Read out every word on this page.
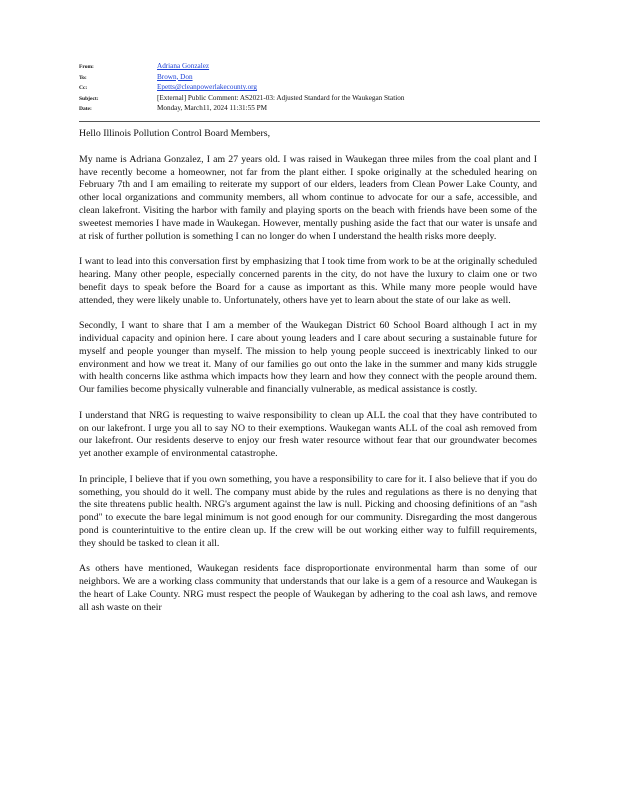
From:	Adriana Gonzalez
To:	Brown, Don
Cc:	Epetts@cleanpowerlakecounty.org
Subject:	[External] Public Comment: AS2021-03: Adjusted Standard for the Waukegan Station
Date:	Monday, March11, 2024 11:31:55 PM

Hello Illinois Pollution Control Board Members,

My name is Adriana Gonzalez, I am 27 years old. I was raised in Waukegan three miles from the coal plant and I have recently become a homeowner, not far from the plant either. I spoke originally at the scheduled hearing on February 7th and I am emailing to reiterate my support of our elders, leaders from Clean Power Lake County, and other local organizations and community members, all whom continue to advocate for our a safe, accessible, and clean lakefront. Visiting the harbor with family and playing sports on the beach with friends have been some of the sweetest memories I have made in Waukegan. However, mentally pushing aside the fact that our water is unsafe and at risk of further pollution is something I can no longer do when I understand the health risks more deeply.

I want to lead into this conversation first by emphasizing that I took time from work to be at the originally scheduled hearing. Many other people, especially concerned parents in the city, do not have the luxury to claim one or two benefit days to speak before the Board for a cause as important as this. While many more people would have attended, they were likely unable to. Unfortunately, others have yet to learn about the state of our lake as well.

Secondly, I want to share that I am a member of the Waukegan District 60 School Board although I act in my individual capacity and opinion here. I care about young leaders and I care about securing a sustainable future for myself and people younger than myself. The mission to help young people succeed is inextricably linked to our environment and how we treat it. Many of our families go out onto the lake in the summer and many kids struggle with health concerns like asthma which impacts how they learn and how they connect with the people around them. Our families become physically vulnerable and financially vulnerable, as medical assistance is costly.

I understand that NRG is requesting to waive responsibility to clean up ALL the coal that they have contributed to on our lakefront. I urge you all to say NO to their exemptions. Waukegan wants ALL of the coal ash removed from our lakefront. Our residents deserve to enjoy our fresh water resource without fear that our groundwater becomes yet another example of environmental catastrophe.

In principle, I believe that if you own something, you have a responsibility to care for it. I also believe that if you do something, you should do it well. The company must abide by the rules and regulations as there is no denying that the site threatens public health. NRG's argument against the law is null. Picking and choosing definitions of an "ash pond" to execute the bare legal minimum is not good enough for our community. Disregarding the most dangerous pond is counterintuitive to the entire clean up. If the crew will be out working either way to fulfill requirements, they should be tasked to clean it all.

As others have mentioned, Waukegan residents face disproportionate environmental harm than some of our neighbors. We are a working class community that understands that our lake is a gem of a resource and Waukegan is the heart of Lake County. NRG must respect the people of Waukegan by adhering to the coal ash laws, and remove all ash waste on their
